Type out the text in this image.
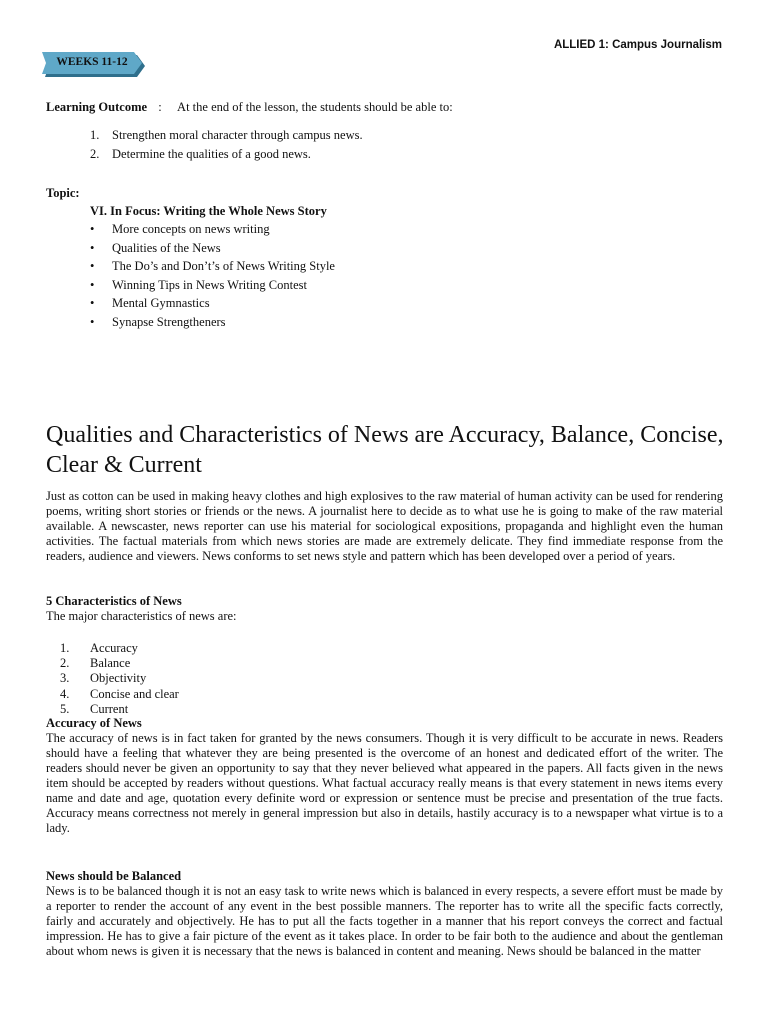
ALLIED 1: Campus Journalism
WEEKS 11-12
Learning Outcome : At the end of the lesson, the students should be able to:
1. Strengthen moral character through campus news.
2. Determine the qualities of a good news.
Topic:
VI. In Focus: Writing the Whole News Story
• More concepts on news writing
• Qualities of the News
• The Do’s and Don’t’s of News Writing Style
• Winning Tips in News Writing Contest
• Mental Gymnastics
• Synapse Strengtheners
Qualities and Characteristics of News are Accuracy, Balance, Concise, Clear & Current

Just as cotton can be used in making heavy clothes and high explosives to the raw material of human activity can be used for rendering poems, writing short stories or friends or the news. A journalist here to decide as to what use he is going to make of the raw material available. A newscaster, news reporter can use his material for sociological expositions, propaganda and highlight even the human activities. The factual materials from which news stories are made are extremely delicate. They find immediate response from the readers, audience and viewers. News conforms to set news style and pattern which has been developed over a period of years.

5 Characteristics of News
The major characteristics of news are:
1. Accuracy
2. Balance
3. Objectivity
4. Concise and clear
5. Current
Accuracy of News

The accuracy of news is in fact taken for granted by the news consumers. Though it is very difficult to be accurate in news. Readers should have a feeling that whatever they are being presented is the overcome of an honest and dedicated effort of the writer. The readers should never be given an opportunity to say that they never believed what appeared in the papers. All facts given in the news item should be accepted by readers without questions. What factual accuracy really means is that every statement in news items every name and date and age, quotation every definite word or expression or sentence must be precise and presentation of the true facts. Accuracy means correctness not merely in general impression but also in details, hastily accuracy is to a newspaper what virtue is to a lady.

News should be Balanced

News is to be balanced though it is not an easy task to write news which is balanced in every respects, a severe effort must be made by a reporter to render the account of any event in the best possible manners. The reporter has to write all the specific facts correctly, fairly and accurately and objectively. He has to put all the facts together in a manner that his report conveys the correct and factual impression. He has to give a fair picture of the event as it takes place. In order to be fair both to the audience and about the gentleman about whom news is given it is necessary that the news is balanced in content and meaning. News should be balanced in the matter
